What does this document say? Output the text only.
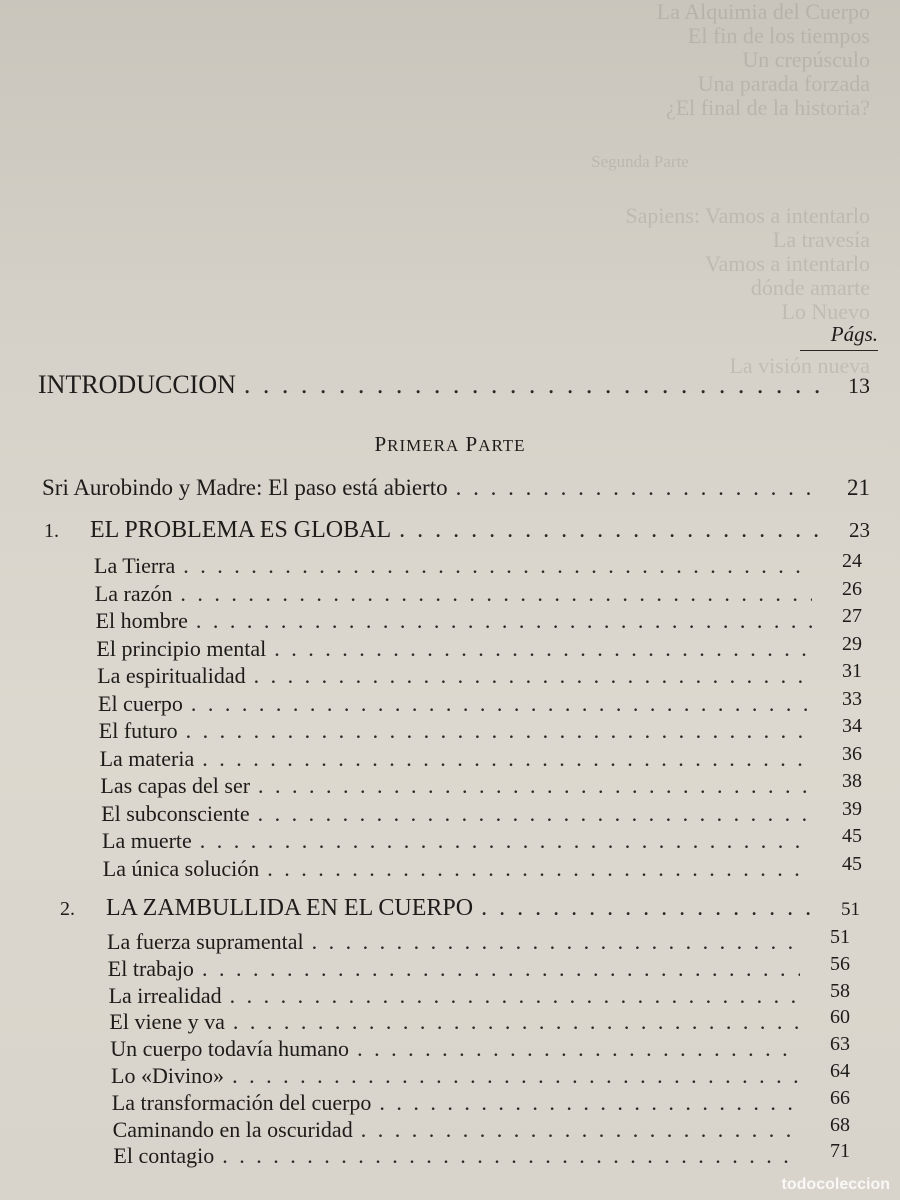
La Alquimia del Cuerpo
El fin de los tiempos
Un crepúsculo
Una parada forzada
¿El final de la historia?
Segunda Parte
Sapiens: Vamos a intentarlo
La travesía
Vamos a intentarlo
dónde amarte
Lo Nuevo
La visión nueva
Págs.
INTRODUCCION . . .	13
PRIMERA PARTE
Sri Aurobindo y Madre: El paso está abierto . . .	21
1.	EL PROBLEMA ES GLOBAL . . .	23
La Tierra . . .	24
La razón . . .	26
El hombre . . .	27
El principio mental . . .	29
La espiritualidad . . .	31
El cuerpo . . .	33
El futuro . . .	34
La materia . . .	36
Las capas del ser . . .	38
El subconsciente . . .	39
La muerte . . .	45
La única solución . . .	45
2.	LA ZAMBULLIDA EN EL CUERPO . . .	51
La fuerza supramental . . .	51
El trabajo . . .	56
La irrealidad . . .	58
El viene y va . . .	60
Un cuerpo todavía humano . . .	63
Lo «Divino» . . .	64
La transformación del cuerpo . . .	66
Caminando en la oscuridad . . .	68
El contagio . . .	71
todocoleccion
